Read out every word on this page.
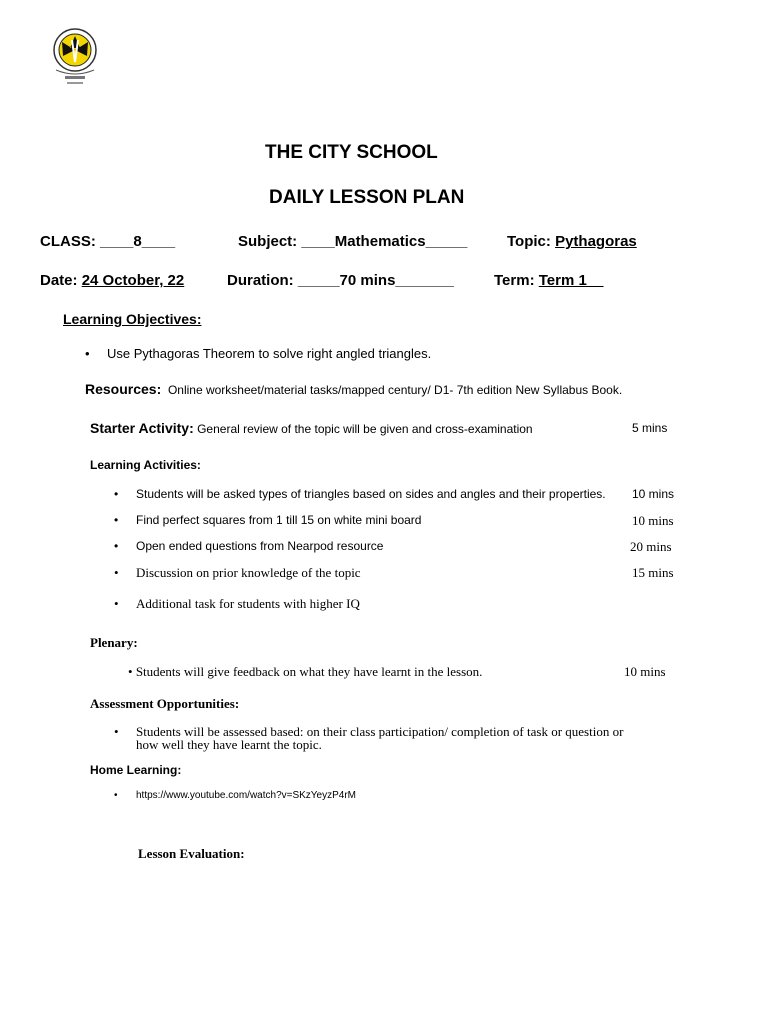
THE CITY SCHOOL
DAILY LESSON PLAN
CLASS: ____8____	Subject: ____Mathematics_____	Topic: Pythagoras
Date: 24 October, 22	Duration: _____70 mins_______	Term: Term 1__
Learning Objectives:
• Use Pythagoras Theorem to solve right angled triangles.
Resources: Online worksheet/material tasks/mapped century/ D1- 7th edition New Syllabus Book.
Starter Activity: General review of the topic will be given and cross-examination	5 mins
Learning Activities:
• Students will be asked types of triangles based on sides and angles and their properties. 10 mins
• Find perfect squares from 1 till 15 on white mini board	10 mins
• Open ended questions from Nearpod resource	20 mins
• Discussion on prior knowledge of the topic	15 mins
• Additional task for students with higher IQ
Plenary:
• Students will give feedback on what they have learnt in the lesson.	10 mins
Assessment Opportunities:
• Students will be assessed based: on their class participation/ completion of task or question or
how well they have learnt the topic.
Home Learning:
• https://www.youtube.com/watch?v=SKzYeyzP4rM
Lesson Evaluation:
